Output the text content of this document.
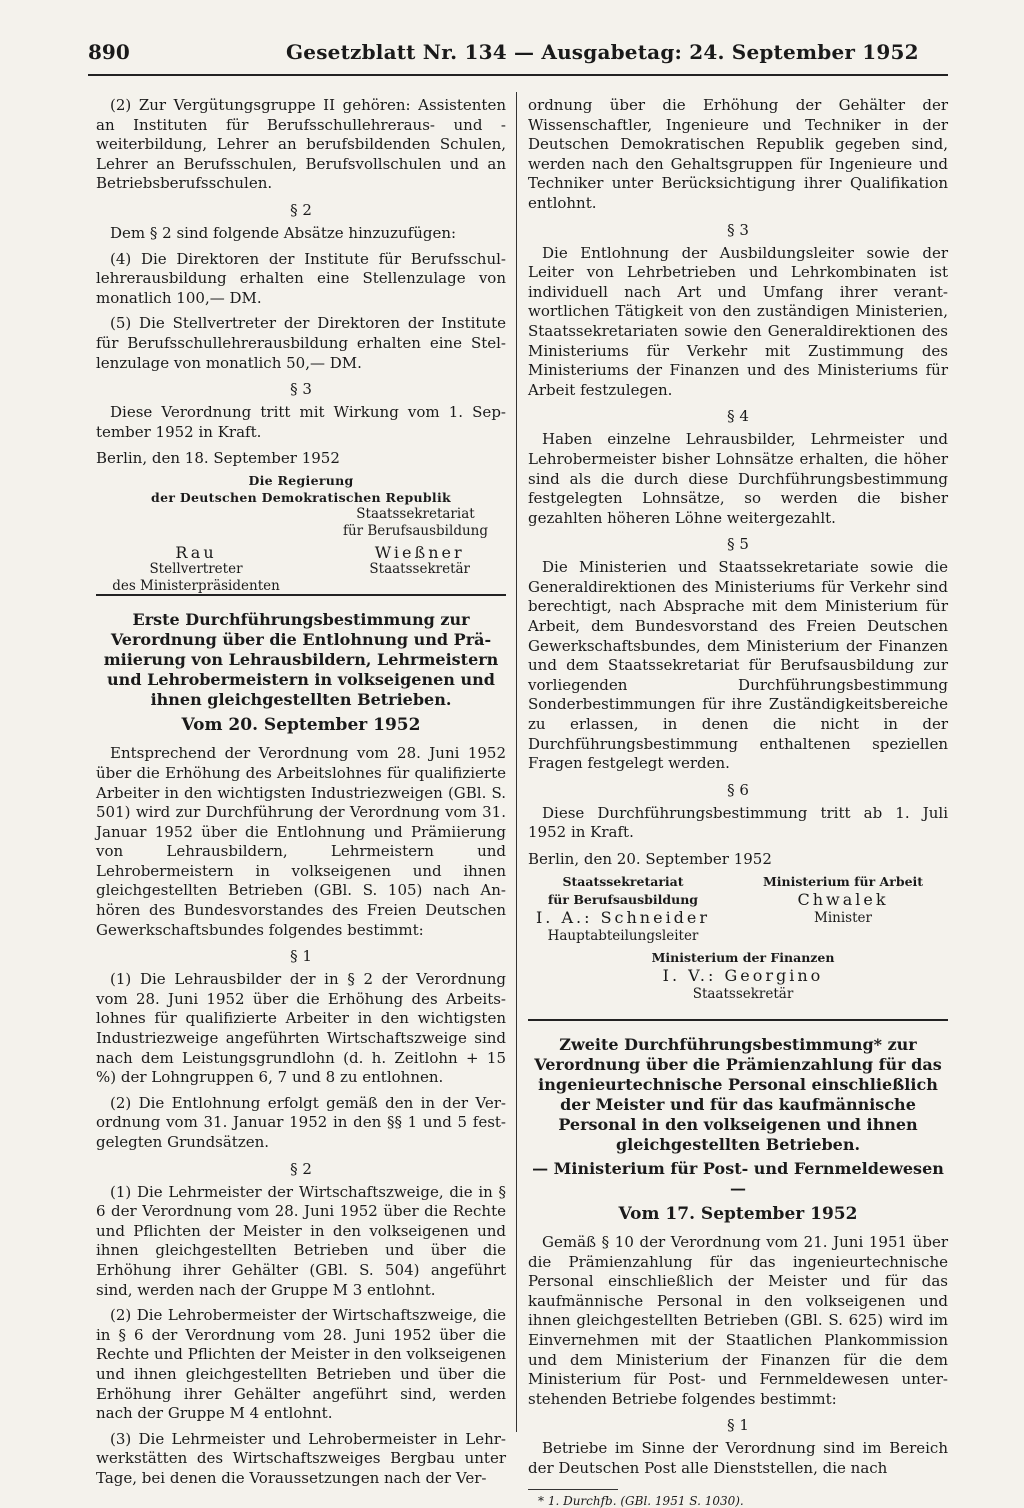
890	Gesetzblatt Nr. 134 — Ausgabetag: 24. September 1952

(2) Zur Vergütungsgruppe II gehören: Assistenten an Instituten für Berufsschullehreraus- und -weiterbildung, Lehrer an berufsbildenden Schulen, Lehrer an Berufsschulen, Berufsvollschulen und an Betriebsberufsschulen.

§ 2

Dem § 2 sind folgende Absätze hinzuzufügen:

(4) Die Direktoren der Institute für Berufsschullehrerausbildung erhalten eine Stellenzulage von monatlich 100,— DM.

(5) Die Stellvertreter der Direktoren der Institute für Berufsschullehrerausbildung erhalten eine Stellenzulage von monatlich 50,— DM.

§ 3

Diese Verordnung tritt mit Wirkung vom 1. September 1952 in Kraft.

Berlin, den 18. September 1952
Die Regierung
der Deutschen Demokratischen Republik
Staatssekretariat
für Berufsausbildung
Rau
Stellvertreter
des Ministerpräsidenten
Wießner
Staatssekretär
Erste Durchführungsbestimmung zur Verordnung über die Entlohnung und Prämiierung von Lehrausbildern, Lehrmeistern und Lehrobermeistern in volkseigenen und ihnen gleichgestellten Betrieben.
Vom 20. September 1952

Entsprechend der Verordnung vom 28. Juni 1952 über die Erhöhung des Arbeitslohnes für qualifizierte Arbeiter in den wichtigsten Industriezweigen (GBl. S. 501) wird zur Durchführung der Verordnung vom 31. Januar 1952 über die Entlohnung und Prämiierung von Lehrausbildern, Lehrmeistern und Lehrobermeistern in volkseigenen und ihnen gleichgestellten Betrieben (GBl. S. 105) nach Anhören des Bundesvorstandes des Freien Deutschen Gewerkschaftsbundes folgendes bestimmt:

§ 1

(1) Die Lehrausbilder der in § 2 der Verordnung vom 28. Juni 1952 über die Erhöhung des Arbeitslohnes für qualifizierte Arbeiter in den wichtigsten Industriezweige angeführten Wirtschaftszweige sind nach dem Leistungsgrundlohn (d. h. Zeitlohn + 15 %) der Lohngruppen 6, 7 und 8 zu entlohnen.

(2) Die Entlohnung erfolgt gemäß den in der Verordnung vom 31. Januar 1952 in den §§ 1 und 5 festgelegten Grundsätzen.

§ 2

(1) Die Lehrmeister der Wirtschaftszweige, die in § 6 der Verordnung vom 28. Juni 1952 über die Rechte und Pflichten der Meister in den volkseigenen und ihnen gleichgestellten Betrieben und über die Erhöhung ihrer Gehälter (GBl. S. 504) angeführt sind, werden nach der Gruppe M 3 entlohnt.

(2) Die Lehrobermeister der Wirtschaftszweige, die in § 6 der Verordnung vom 28. Juni 1952 über die Rechte und Pflichten der Meister in den volkseigenen und ihnen gleichgestellten Betrieben und über die Erhöhung ihrer Gehälter angeführt sind, werden nach der Gruppe M 4 entlohnt.

(3) Die Lehrmeister und Lehrobermeister in Lehrwerkstätten des Wirtschaftszweiges Bergbau unter Tage, bei denen die Voraussetzungen nach der Ver-

ordnung über die Erhöhung der Gehälter der Wissenschaftler, Ingenieure und Techniker in der Deutschen Demokratischen Republik gegeben sind, werden nach den Gehaltsgruppen für Ingenieure und Techniker unter Berücksichtigung ihrer Qualifikation entlohnt.

§ 3

Die Entlohnung der Ausbildungsleiter sowie der Leiter von Lehrbetrieben und Lehrkombinaten ist individuell nach Art und Umfang ihrer verantwortlichen Tätigkeit von den zuständigen Ministerien, Staatssekretariaten sowie den Generaldirektionen des Ministeriums für Verkehr mit Zustimmung des Ministeriums der Finanzen und des Ministeriums für Arbeit festzulegen.

§ 4

Haben einzelne Lehrausbilder, Lehrmeister und Lehrobermeister bisher Lohnsätze erhalten, die höher sind als die durch diese Durchführungsbestimmung festgelegten Lohnsätze, so werden die bisher gezahlten höheren Löhne weitergezahlt.

§ 5

Die Ministerien und Staatssekretariate sowie die Generaldirektionen des Ministeriums für Verkehr sind berechtigt, nach Absprache mit dem Ministerium für Arbeit, dem Bundesvorstand des Freien Deutschen Gewerkschaftsbundes, dem Ministerium der Finanzen und dem Staatssekretariat für Berufsausbildung zur vorliegenden Durchführungsbestimmung Sonderbestimmungen für ihre Zuständigkeitsbereiche zu erlassen, in denen die nicht in der Durchführungsbestimmung enthaltenen speziellen Fragen festgelegt werden.

§ 6

Diese Durchführungsbestimmung tritt ab 1. Juli 1952 in Kraft.

Berlin, den 20. September 1952
Staatssekretariat
für Berufsausbildung
I. A.: Schneider
Hauptabteilungsleiter
Ministerium für Arbeit
Chwalek
Minister
Ministerium der Finanzen
I. V.: Georgino
Staatssekretär
Zweite Durchführungsbestimmung* zur Verordnung über die Prämienzahlung für das ingenieurtechnische Personal einschließlich der Meister und für das kaufmännische Personal in den volkseigenen und ihnen gleichgestellten Betrieben.
— Ministerium für Post- und Fernmeldewesen —
Vom 17. September 1952

Gemäß § 10 der Verordnung vom 21. Juni 1951 über die Prämienzahlung für das ingenieurtechnische Personal einschließlich der Meister und für das kaufmännische Personal in den volkseigenen und ihnen gleichgestellten Betrieben (GBl. S. 625) wird im Einvernehmen mit der Staatlichen Plankommission und dem Ministerium der Finanzen für die dem Ministerium für Post- und Fernmeldewesen unterstehenden Betriebe folgendes bestimmt:

§ 1

Betriebe im Sinne der Verordnung sind im Bereich der Deutschen Post alle Dienststellen, die nach

* 1. Durchfb. (GBl. 1951 S. 1030).
